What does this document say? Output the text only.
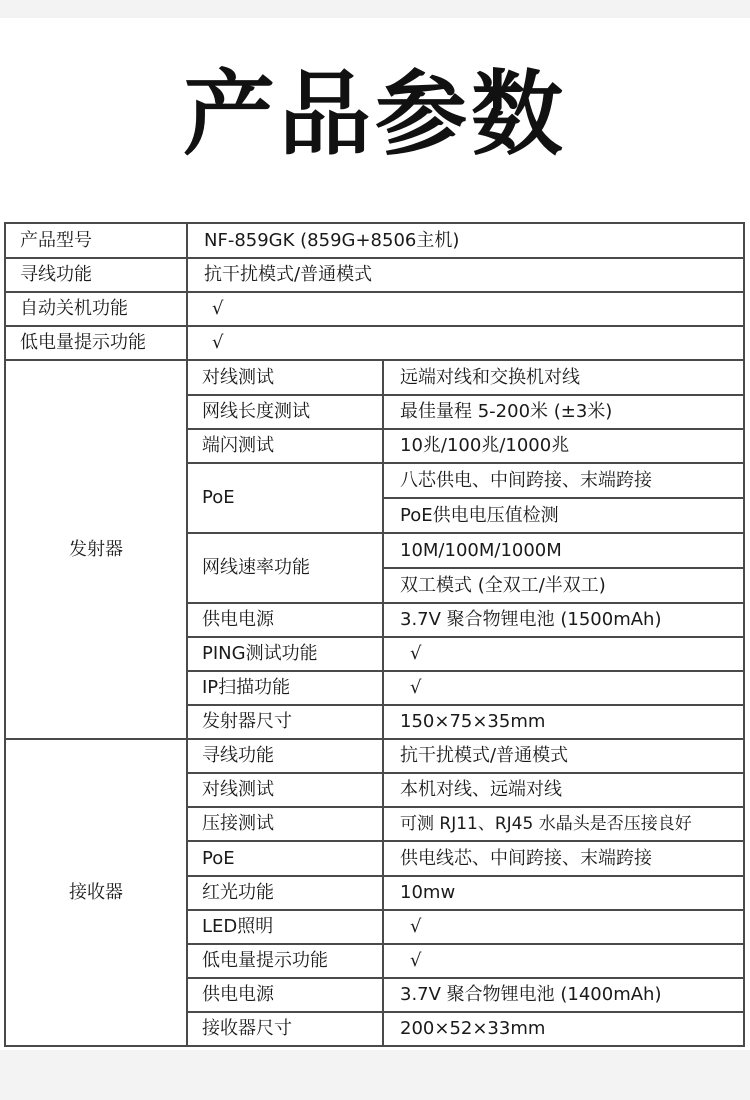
产品参数
产品型号	NF-859GK (859G+8506主机)	
寻线功能	抗干扰模式/普通模式	
自动关机功能	√	
低电量提示功能	√	
发射器	对线测试	远端对线和交换机对线
	网线长度测试	最佳量程 5-200米 (±3米)
	端闪测试	10兆/100兆/1000兆
	PoE	八芯供电、中间跨接、末端跨接
		PoE供电电压值检测
	网线速率功能	10M/100M/1000M
		双工模式 (全双工/半双工)
	供电电源	3.7V 聚合物锂电池 (1500mAh)
	PING测试功能	√
	IP扫描功能	√
	发射器尺寸	150×75×35mm
接收器	寻线功能	抗干扰模式/普通模式
	对线测试	本机对线、远端对线
	压接测试	可测 RJ11、RJ45 水晶头是否压接良好
	PoE	供电线芯、中间跨接、末端跨接
	红光功能	10mw
	LED照明	√
	低电量提示功能	√
	供电电源	3.7V 聚合物锂电池 (1400mAh)
	接收器尺寸	200×52×33mm
